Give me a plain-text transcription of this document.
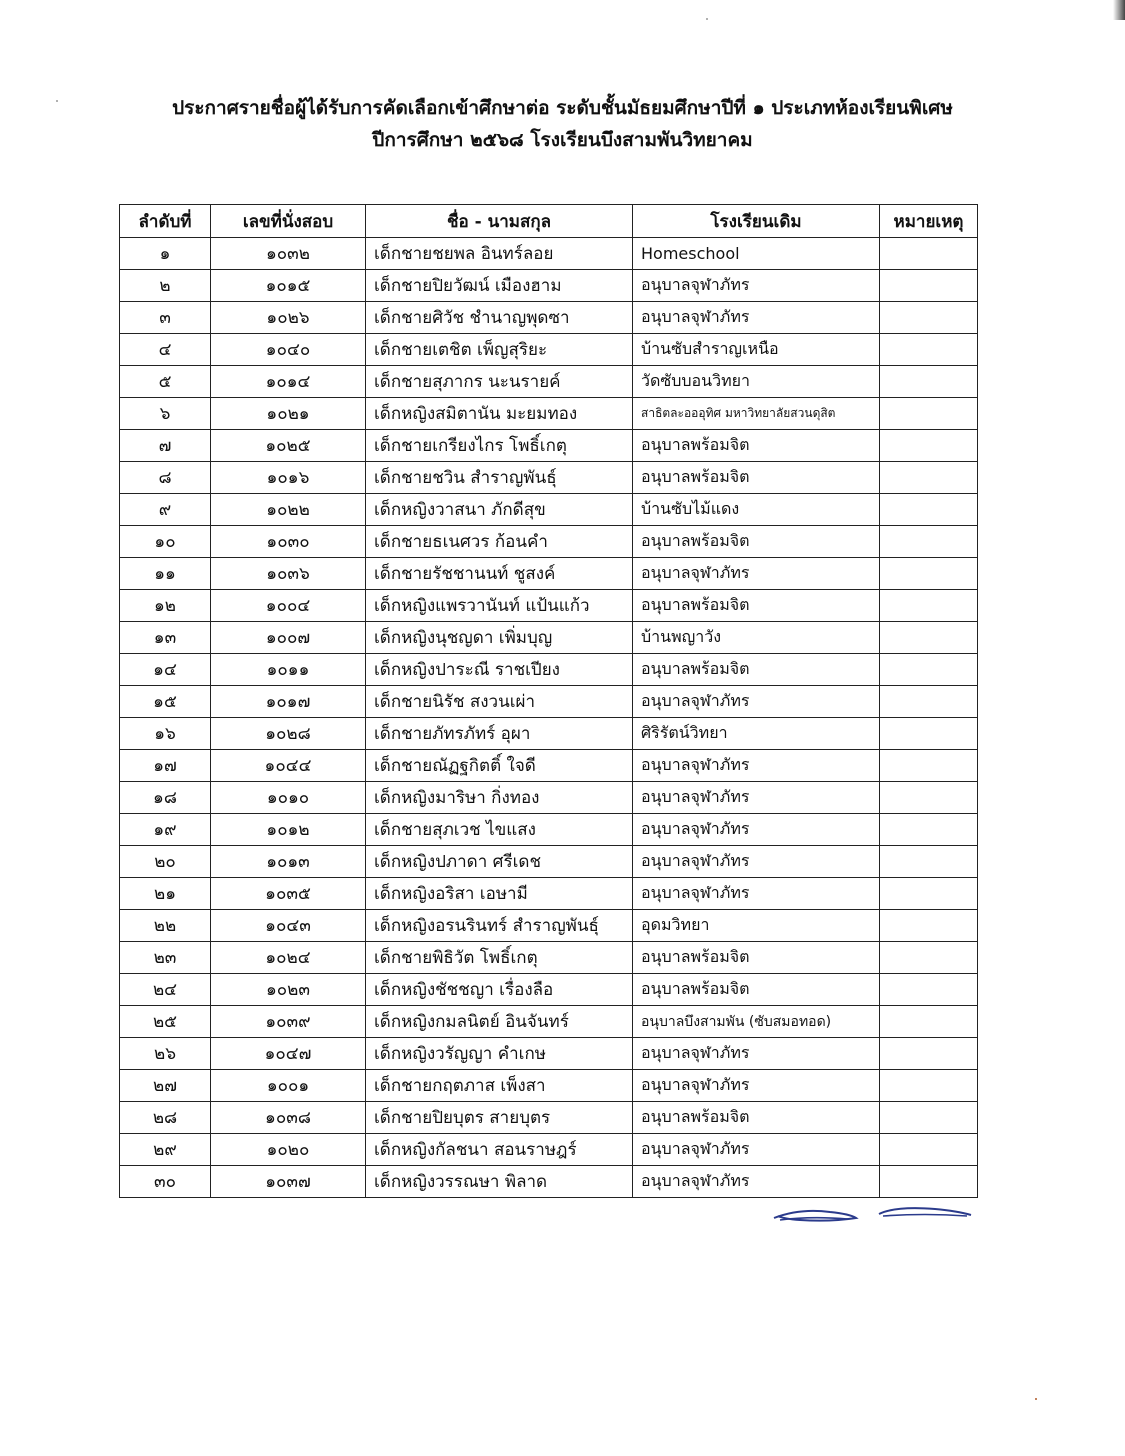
ประกาศรายชื่อผู้ได้รับการคัดเลือกเข้าศึกษาต่อ ระดับชั้นมัธยมศึกษาปีที่ ๑ ประเภทห้องเรียนพิเศษ
ปีการศึกษา ๒๕๖๘ โรงเรียนบึงสามพันวิทยาคม
ลำดับที่	เลขที่นั่งสอบ	ชื่อ - นามสกุล	โรงเรียนเดิม	หมายเหตุ
๑	๑๐๓๒	เด็กชายชยพล อินทร์ลอย	Homeschool	
๒	๑๐๑๕	เด็กชายปิยวัฒน์ เมืองฮาม	อนุบาลจุฬาภัทร	
๓	๑๐๒๖	เด็กชายศิวัช ชำนาญพุดซา	อนุบาลจุฬาภัทร	
๔	๑๐๔๐	เด็กชายเตชิต เพ็ญสุริยะ	บ้านซับสำราญเหนือ	
๕	๑๐๑๔	เด็กชายสุภากร นะนรายค์	วัดซับบอนวิทยา	
๖	๑๐๒๑	เด็กหญิงสมิตานัน มะยมทอง	สาธิตละอออุทิศ มหาวิทยาลัยสวนดุสิต	
๗	๑๐๒๕	เด็กชายเกรียงไกร โพธิ์เกตุ	อนุบาลพร้อมจิต	
๘	๑๐๑๖	เด็กชายชวิน สำราญพันธุ์	อนุบาลพร้อมจิต	
๙	๑๐๒๒	เด็กหญิงวาสนา ภักดีสุข	บ้านซับไม้แดง	
๑๐	๑๐๓๐	เด็กชายธเนศวร ก้อนคำ	อนุบาลพร้อมจิต	
๑๑	๑๐๓๖	เด็กชายรัชชานนท์ ชูสงค์	อนุบาลจุฬาภัทร	
๑๒	๑๐๐๔	เด็กหญิงแพรวานันท์ แป้นแก้ว	อนุบาลพร้อมจิต	
๑๓	๑๐๐๗	เด็กหญิงนุชญดา เพิ่มบุญ	บ้านพญาวัง	
๑๔	๑๐๑๑	เด็กหญิงปาระณี ราชเปียง	อนุบาลพร้อมจิต	
๑๕	๑๐๑๗	เด็กชายนิรัช สงวนเผ่า	อนุบาลจุฬาภัทร	
๑๖	๑๐๒๘	เด็กชายภัทรภัทร์ อุผา	ศิริรัตน์วิทยา	
๑๗	๑๐๔๔	เด็กชายณัฏฐกิตติ์ ใจดี	อนุบาลจุฬาภัทร	
๑๘	๑๐๑๐	เด็กหญิงมาริษา กิ่งทอง	อนุบาลจุฬาภัทร	
๑๙	๑๐๑๒	เด็กชายสุภเวช ไขแสง	อนุบาลจุฬาภัทร	
๒๐	๑๐๑๓	เด็กหญิงปภาดา ศรีเดช	อนุบาลจุฬาภัทร	
๒๑	๑๐๓๕	เด็กหญิงอริสา เอษามี	อนุบาลจุฬาภัทร	
๒๒	๑๐๔๓	เด็กหญิงอรนรินทร์ สำราญพันธุ์	อุดมวิทยา	
๒๓	๑๐๒๔	เด็กชายพิธิวัต โพธิ์เกตุ	อนุบาลพร้อมจิต	
๒๔	๑๐๒๓	เด็กหญิงชัชชญา เรื่องลือ	อนุบาลพร้อมจิต	
๒๕	๑๐๓๙	เด็กหญิงกมลนิตย์ อินจันทร์	อนุบาลบึงสามพัน (ซับสมอทอด)	
๒๖	๑๐๔๗	เด็กหญิงวรัญญา คำเกษ	อนุบาลจุฬาภัทร	
๒๗	๑๐๐๑	เด็กชายกฤตภาส เพ็งสา	อนุบาลจุฬาภัทร	
๒๘	๑๐๓๘	เด็กชายปิยบุตร สายบุตร	อนุบาลพร้อมจิต	
๒๙	๑๐๒๐	เด็กหญิงกัลชนา สอนราษฎร์	อนุบาลจุฬาภัทร	
๓๐	๑๐๓๗	เด็กหญิงวรรณษา พิลาด	อนุบาลจุฬาภัทร	
